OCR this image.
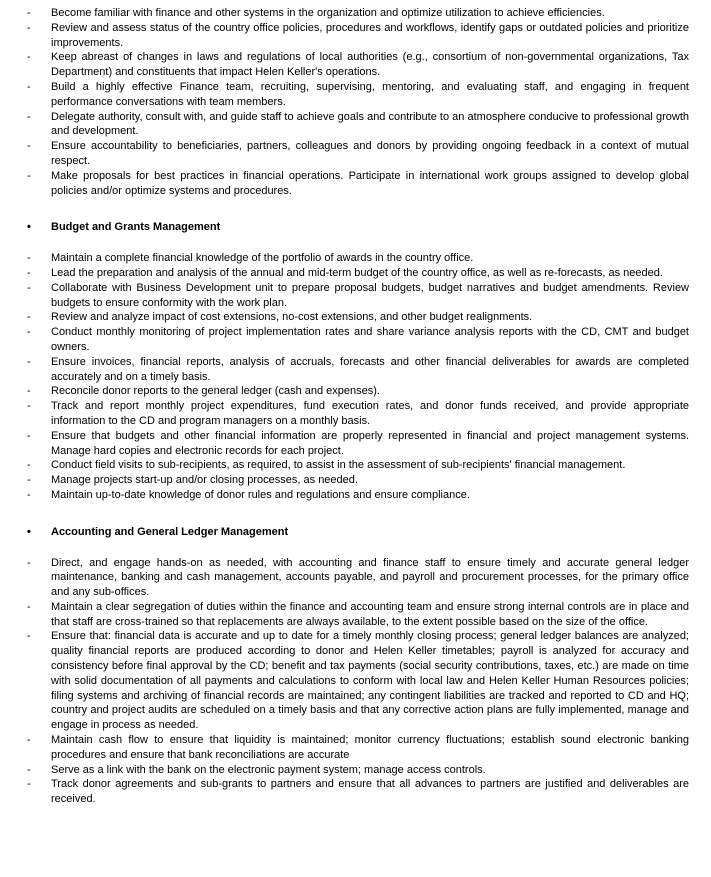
-	Become familiar with finance and other systems in the organization and optimize utilization to achieve efficiencies.
-	Review and assess status of the country office policies, procedures and workflows, identify gaps or outdated policies and prioritize improvements.
-	Keep abreast of changes in laws and regulations of local authorities (e.g., consortium of non-governmental organizations, Tax Department) and constituents that impact Helen Keller's operations.
-	Build a highly effective Finance team, recruiting, supervising, mentoring, and evaluating staff, and engaging in frequent performance conversations with team members.
-	Delegate authority, consult with, and guide staff to achieve goals and contribute to an atmosphere conducive to professional growth and development.
-	Ensure accountability to beneficiaries, partners, colleagues and donors by providing ongoing feedback in a context of mutual respect.
-	Make proposals for best practices in financial operations. Participate in international work groups assigned to develop global policies and/or optimize systems and procedures.
•	Budget and Grants Management
-	Maintain a complete financial knowledge of the portfolio of awards in the country office.
-	Lead the preparation and analysis of the annual and mid-term budget of the country office, as well as re-forecasts, as needed.
-	Collaborate with Business Development unit to prepare proposal budgets, budget narratives and budget amendments. Review budgets to ensure conformity with the work plan.
-	Review and analyze impact of cost extensions, no-cost extensions, and other budget realignments.
-	Conduct monthly monitoring of project implementation rates and share variance analysis reports with the CD, CMT and budget owners.
-	Ensure invoices, financial reports, analysis of accruals, forecasts and other financial deliverables for awards are completed accurately and on a timely basis.
-	Reconcile donor reports to the general ledger (cash and expenses).
-	Track and report monthly project expenditures, fund execution rates, and donor funds received, and provide appropriate information to the CD and program managers on a monthly basis.
-	Ensure that budgets and other financial information are properly represented in financial and project management systems. Manage hard copies and electronic records for each project.
-	Conduct field visits to sub-recipients, as required, to assist in the assessment of sub-recipients' financial management.
-	Manage projects start-up and/or closing processes, as needed.
-	Maintain up-to-date knowledge of donor rules and regulations and ensure compliance.
•	Accounting and General Ledger Management
-	Direct, and engage hands-on as needed, with accounting and finance staff to ensure timely and accurate general ledger maintenance, banking and cash management, accounts payable, and payroll and procurement processes, for the primary office and any sub-offices.
-	Maintain a clear segregation of duties within the finance and accounting team and ensure strong internal controls are in place and that staff are cross-trained so that replacements are always available, to the extent possible based on the size of the office.
-	Ensure that: financial data is accurate and up to date for a timely monthly closing process; general ledger balances are analyzed; quality financial reports are produced according to donor and Helen Keller timetables; payroll is analyzed for accuracy and consistency before final approval by the CD; benefit and tax payments (social security contributions, taxes, etc.) are made on time with solid documentation of all payments and calculations to conform with local law and Helen Keller Human Resources policies; filing systems and archiving of financial records are maintained; any contingent liabilities are tracked and reported to CD and HQ; country and project audits are scheduled on a timely basis and that any corrective action plans are fully implemented, manage and engage in process as needed.
-	Maintain cash flow to ensure that liquidity is maintained; monitor currency fluctuations; establish sound electronic banking procedures and ensure that bank reconciliations are accurate
-	Serve as a link with the bank on the electronic payment system; manage access controls.
-	Track donor agreements and sub-grants to partners and ensure that all advances to partners are justified and deliverables are received.
